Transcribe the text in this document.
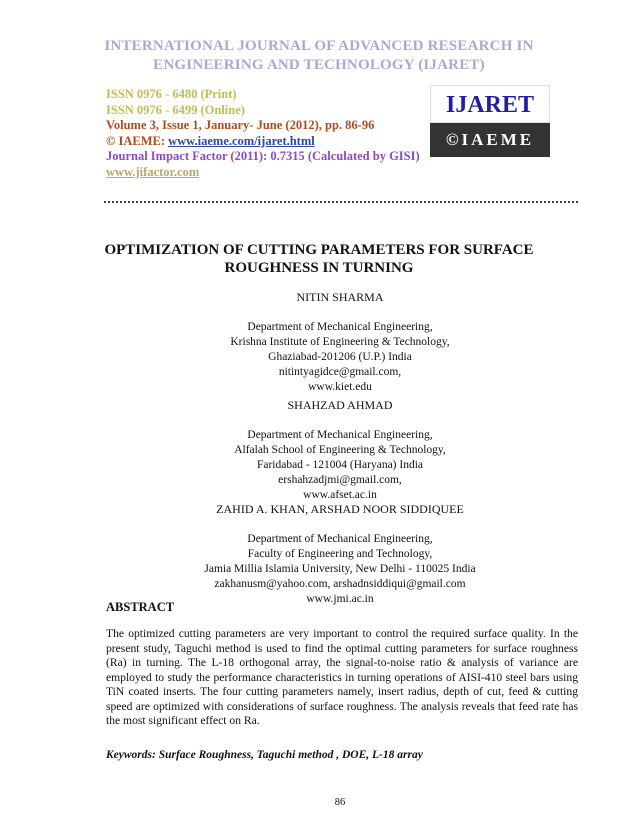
INTERNATIONAL JOURNAL OF ADVANCED RESEARCH IN
ENGINEERING AND TECHNOLOGY (IJARET)
ISSN 0976 - 6480 (Print)
ISSN 0976 - 6499 (Online)
Volume 3, Issue 1, January- June (2012), pp. 86-96
© IAEME: www.iaeme.com/ijaret.html
Journal Impact Factor (2011): 0.7315 (Calculated by GISI)
www.jifactor.com
IJARET
©IAEME
OPTIMIZATION OF CUTTING PARAMETERS FOR SURFACE
ROUGHNESS IN TURNING
NITIN SHARMA
Department of Mechanical Engineering,
Krishna Institute of Engineering & Technology,
Ghaziabad-201206 (U.P.) India
nitintyagidce@gmail.com,
www.kiet.edu
SHAHZAD AHMAD
Department of Mechanical Engineering,
Alfalah School of Engineering & Technology,
Faridabad - 121004 (Haryana) India
ershahzadjmi@gmail.com,
www.afset.ac.in
ZAHID A. KHAN, ARSHAD NOOR SIDDIQUEE
Department of Mechanical Engineering,
Faculty of Engineering and Technology,
Jamia Millia Islamia University, New Delhi - 110025 India
zakhanusm@yahoo.com, arshadnsiddiqui@gmail.com
www.jmi.ac.in
ABSTRACT
The optimized cutting parameters are very important to control the required surface quality. In the present study, Taguchi method is used to find the optimal cutting parameters for surface roughness (Ra) in turning. The L-18 orthogonal array, the signal-to-noise ratio & analysis of variance are employed to study the performance characteristics in turning operations of AISI-410 steel bars using TiN coated inserts. The four cutting parameters namely, insert radius, depth of cut, feed & cutting speed are optimized with considerations of surface roughness. The analysis reveals that feed rate has the most significant effect on Ra.
Keywords: Surface Roughness, Taguchi method , DOE, L-18 array
86
